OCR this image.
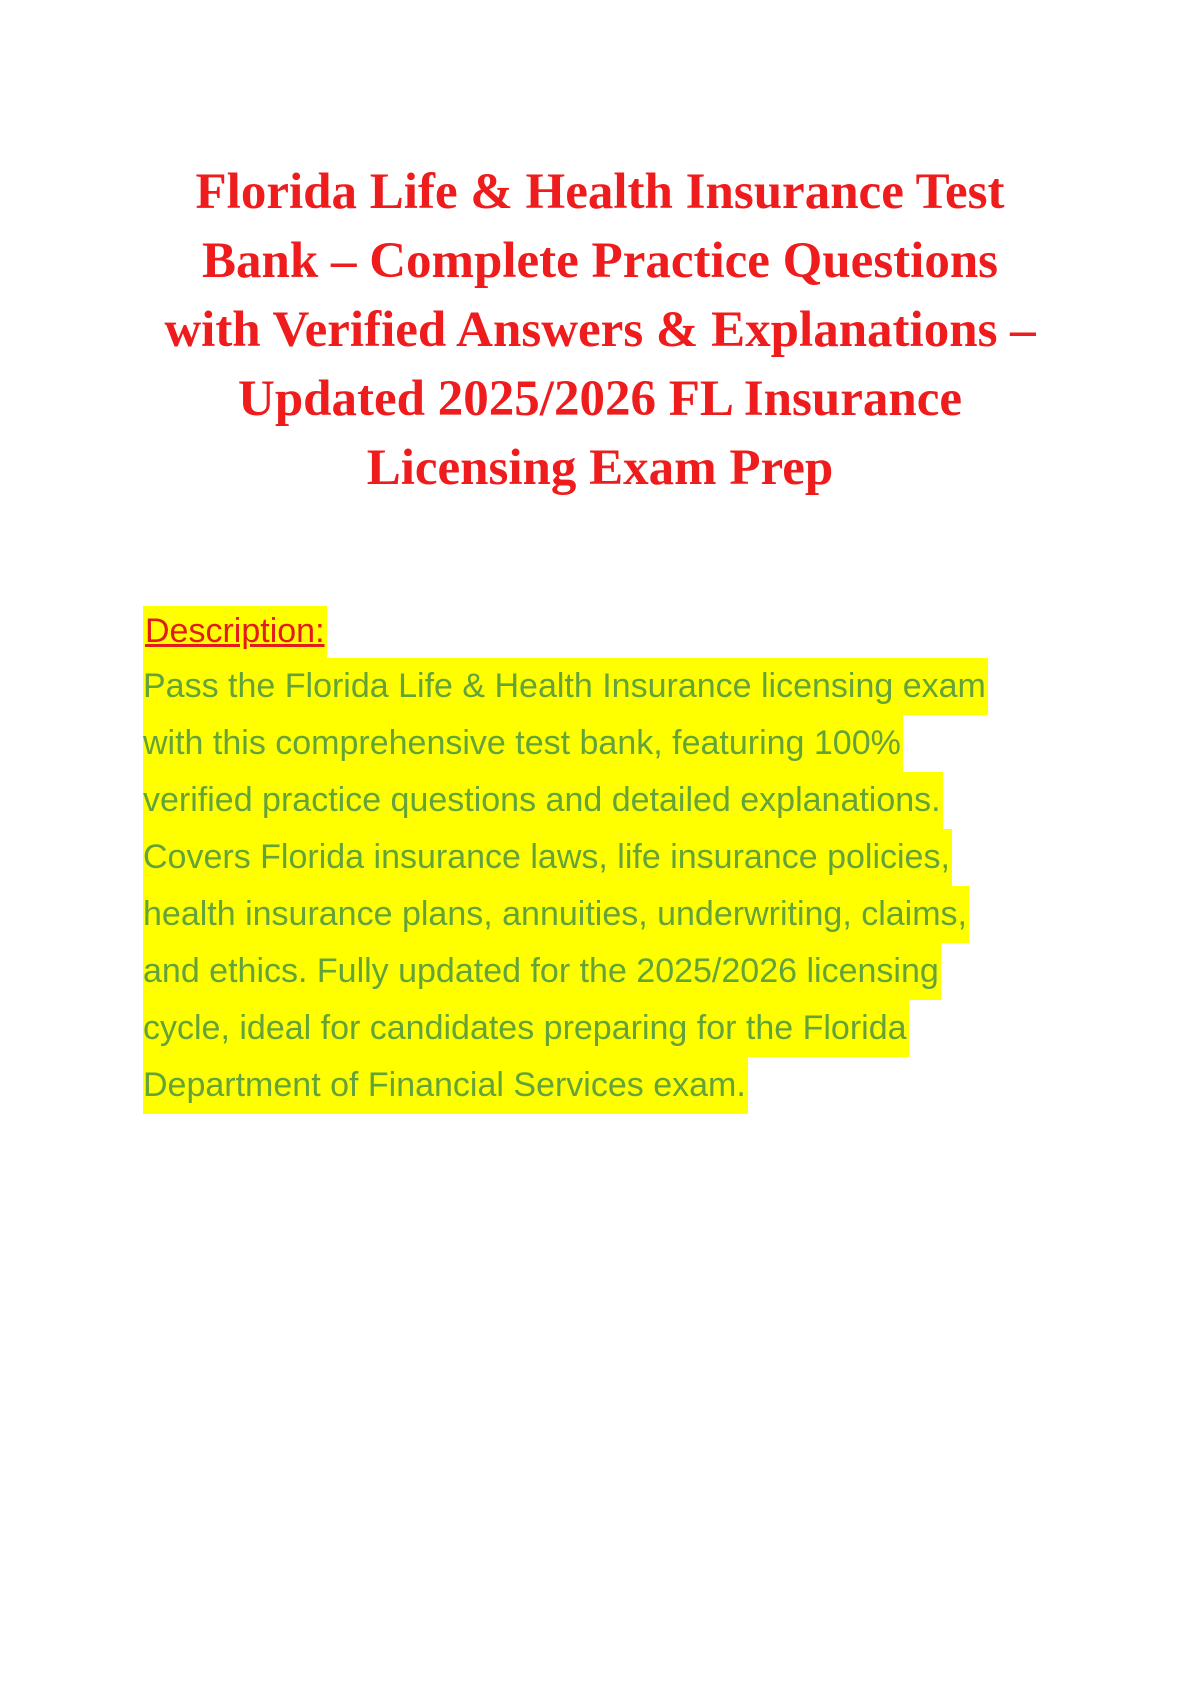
Florida Life & Health Insurance Test
Bank – Complete Practice Questions
with Verified Answers & Explanations –
Updated 2025/2026 FL Insurance
Licensing Exam Prep
Description:
Pass the Florida Life & Health Insurance licensing exam
with this comprehensive test bank, featuring 100%
verified practice questions and detailed explanations.
Covers Florida insurance laws, life insurance policies,
health insurance plans, annuities, underwriting, claims,
and ethics. Fully updated for the 2025/2026 licensing
cycle, ideal for candidates preparing for the Florida
Department of Financial Services exam.
